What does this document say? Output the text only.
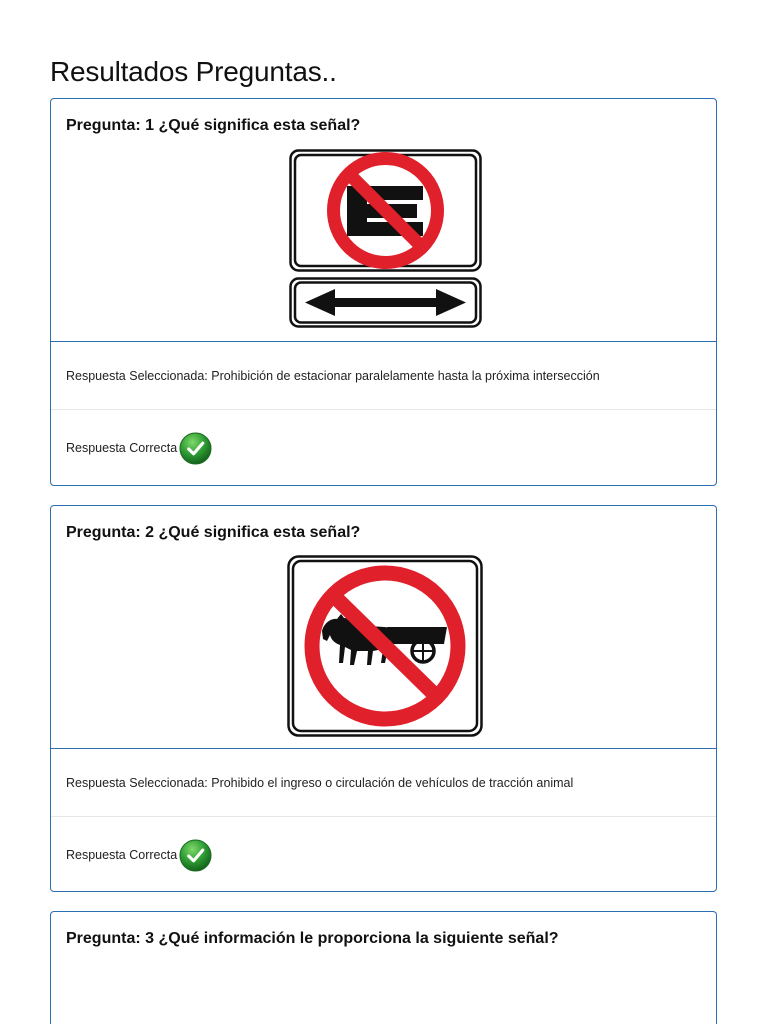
Resultados Preguntas..

Pregunta: 1 ¿Qué significa esta señal?

Respuesta Seleccionada: Prohibición de estacionar paralelamente hasta la próxima intersección
Respuesta Correcta

Pregunta: 2 ¿Qué significa esta señal?

Respuesta Seleccionada: Prohibido el ingreso o circulación de vehículos de tracción animal
Respuesta Correcta

Pregunta: 3 ¿Qué información le proporciona la siguiente señal?
